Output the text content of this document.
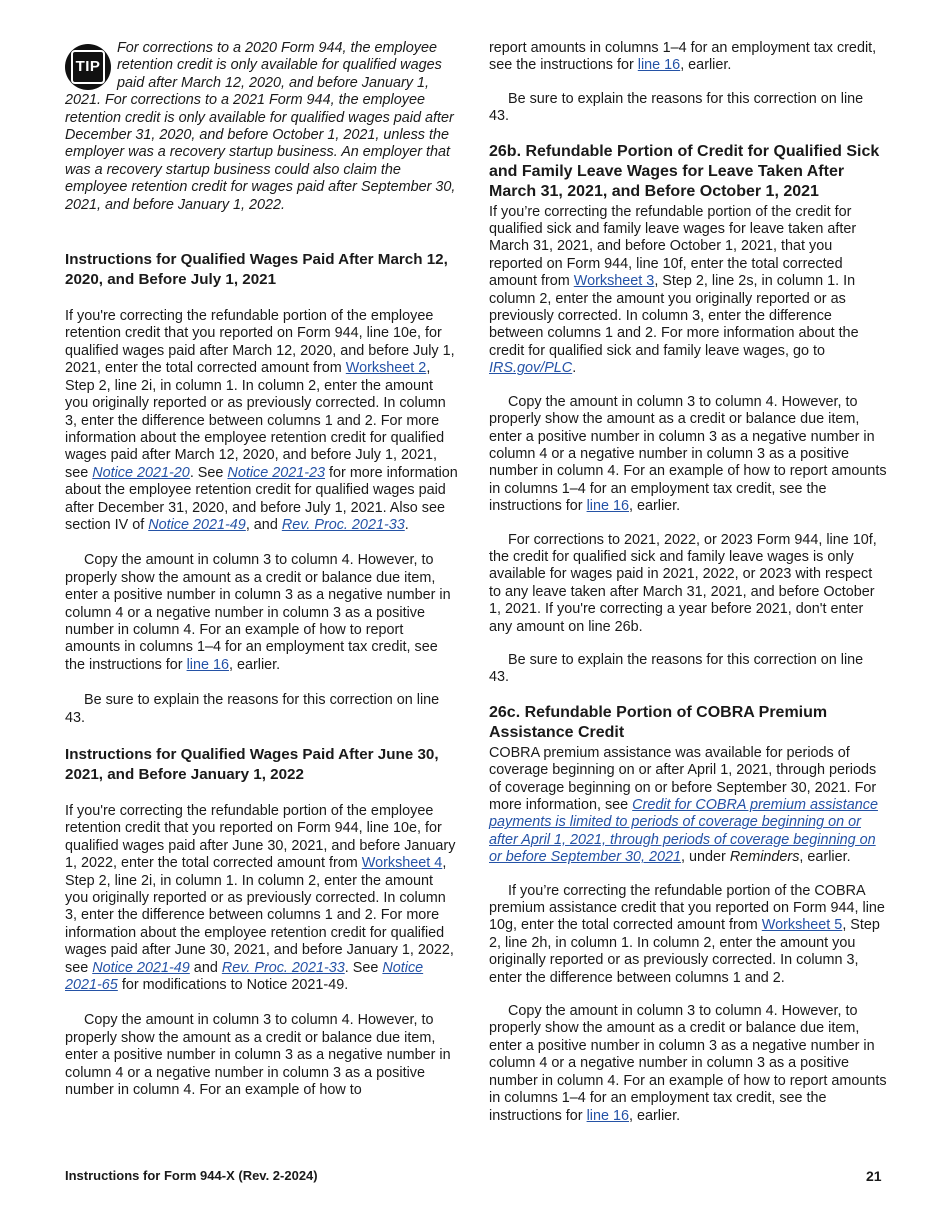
TIP
For corrections to a 2020 Form 944, the employee retention credit is only available for qualified wages paid after March 12, 2020, and before January 1, 2021. For corrections to a 2021 Form 944, the employee retention credit is only available for qualified wages paid after December 31, 2020, and before October 1, 2021, unless the employer was a recovery startup business. An employer that was a recovery startup business could also claim the employee retention credit for wages paid after September 30, 2021, and before January 1, 2022.
Instructions for Qualified Wages Paid After March 12, 2020, and Before July 1, 2021

If you're correcting the refundable portion of the employee retention credit that you reported on Form 944, line 10e, for qualified wages paid after March 12, 2020, and before July 1, 2021, enter the total corrected amount from Worksheet 2, Step 2, line 2i, in column 1. In column 2, enter the amount you originally reported or as previously corrected. In column 3, enter the difference between columns 1 and 2. For more information about the employee retention credit for qualified wages paid after March 12, 2020, and before July 1, 2021, see Notice 2021-20. See Notice 2021-23 for more information about the employee retention credit for qualified wages paid after December 31, 2020, and before July 1, 2021. Also see section IV of Notice 2021-49, and Rev. Proc. 2021-33.

Copy the amount in column 3 to column 4. However, to properly show the amount as a credit or balance due item, enter a positive number in column 3 as a negative number in column 4 or a negative number in column 3 as a positive number in column 4. For an example of how to report amounts in columns 1–4 for an employment tax credit, see the instructions for line 16, earlier.

Be sure to explain the reasons for this correction on line 43.

Instructions for Qualified Wages Paid After June 30, 2021, and Before January 1, 2022

If you're correcting the refundable portion of the employee retention credit that you reported on Form 944, line 10e, for qualified wages paid after June 30, 2021, and before January 1, 2022, enter the total corrected amount from Worksheet 4, Step 2, line 2i, in column 1. In column 2, enter the amount you originally reported or as previously corrected. In column 3, enter the difference between columns 1 and 2. For more information about the employee retention credit for qualified wages paid after June 30, 2021, and before January 1, 2022, see Notice 2021-49 and Rev. Proc. 2021-33. See Notice 2021-65 for modifications to Notice 2021-49.

Copy the amount in column 3 to column 4. However, to properly show the amount as a credit or balance due item, enter a positive number in column 3 as a negative number in column 4 or a negative number in column 3 as a positive number in column 4. For an example of how to

report amounts in columns 1–4 for an employment tax credit, see the instructions for line 16, earlier.

Be sure to explain the reasons for this correction on line 43.

26b. Refundable Portion of Credit for Qualified Sick and Family Leave Wages for Leave Taken After March 31, 2021, and Before October 1, 2021

If you’re correcting the refundable portion of the credit for qualified sick and family leave wages for leave taken after March 31, 2021, and before October 1, 2021, that you reported on Form 944, line 10f, enter the total corrected amount from Worksheet 3, Step 2, line 2s, in column 1. In column 2, enter the amount you originally reported or as previously corrected. In column 3, enter the difference between columns 1 and 2. For more information about the credit for qualified sick and family leave wages, go to IRS.gov/PLC.

Copy the amount in column 3 to column 4. However, to properly show the amount as a credit or balance due item, enter a positive number in column 3 as a negative number in column 4 or a negative number in column 3 as a positive number in column 4. For an example of how to report amounts in columns 1–4 for an employment tax credit, see the instructions for line 16, earlier.

For corrections to 2021, 2022, or 2023 Form 944, line 10f, the credit for qualified sick and family leave wages is only available for wages paid in 2021, 2022, or 2023 with respect to any leave taken after March 31, 2021, and before October 1, 2021. If you're correcting a year before 2021, don't enter any amount on line 26b.

Be sure to explain the reasons for this correction on line 43.

26c. Refundable Portion of COBRA Premium Assistance Credit

COBRA premium assistance was available for periods of coverage beginning on or after April 1, 2021, through periods of coverage beginning on or before September 30, 2021. For more information, see Credit for COBRA premium assistance payments is limited to periods of coverage beginning on or after April 1, 2021, through periods of coverage beginning on or before September 30, 2021, under Reminders, earlier.

If you’re correcting the refundable portion of the COBRA premium assistance credit that you reported on Form 944, line 10g, enter the total corrected amount from Worksheet 5, Step 2, line 2h, in column 1. In column 2, enter the amount you originally reported or as previously corrected. In column 3, enter the difference between columns 1 and 2.

Copy the amount in column 3 to column 4. However, to properly show the amount as a credit or balance due item, enter a positive number in column 3 as a negative number in column 4 or a negative number in column 3 as a positive number in column 4. For an example of how to report amounts in columns 1–4 for an employment tax credit, see the instructions for line 16, earlier.

Instructions for Form 944-X (Rev. 2-2024)	21
